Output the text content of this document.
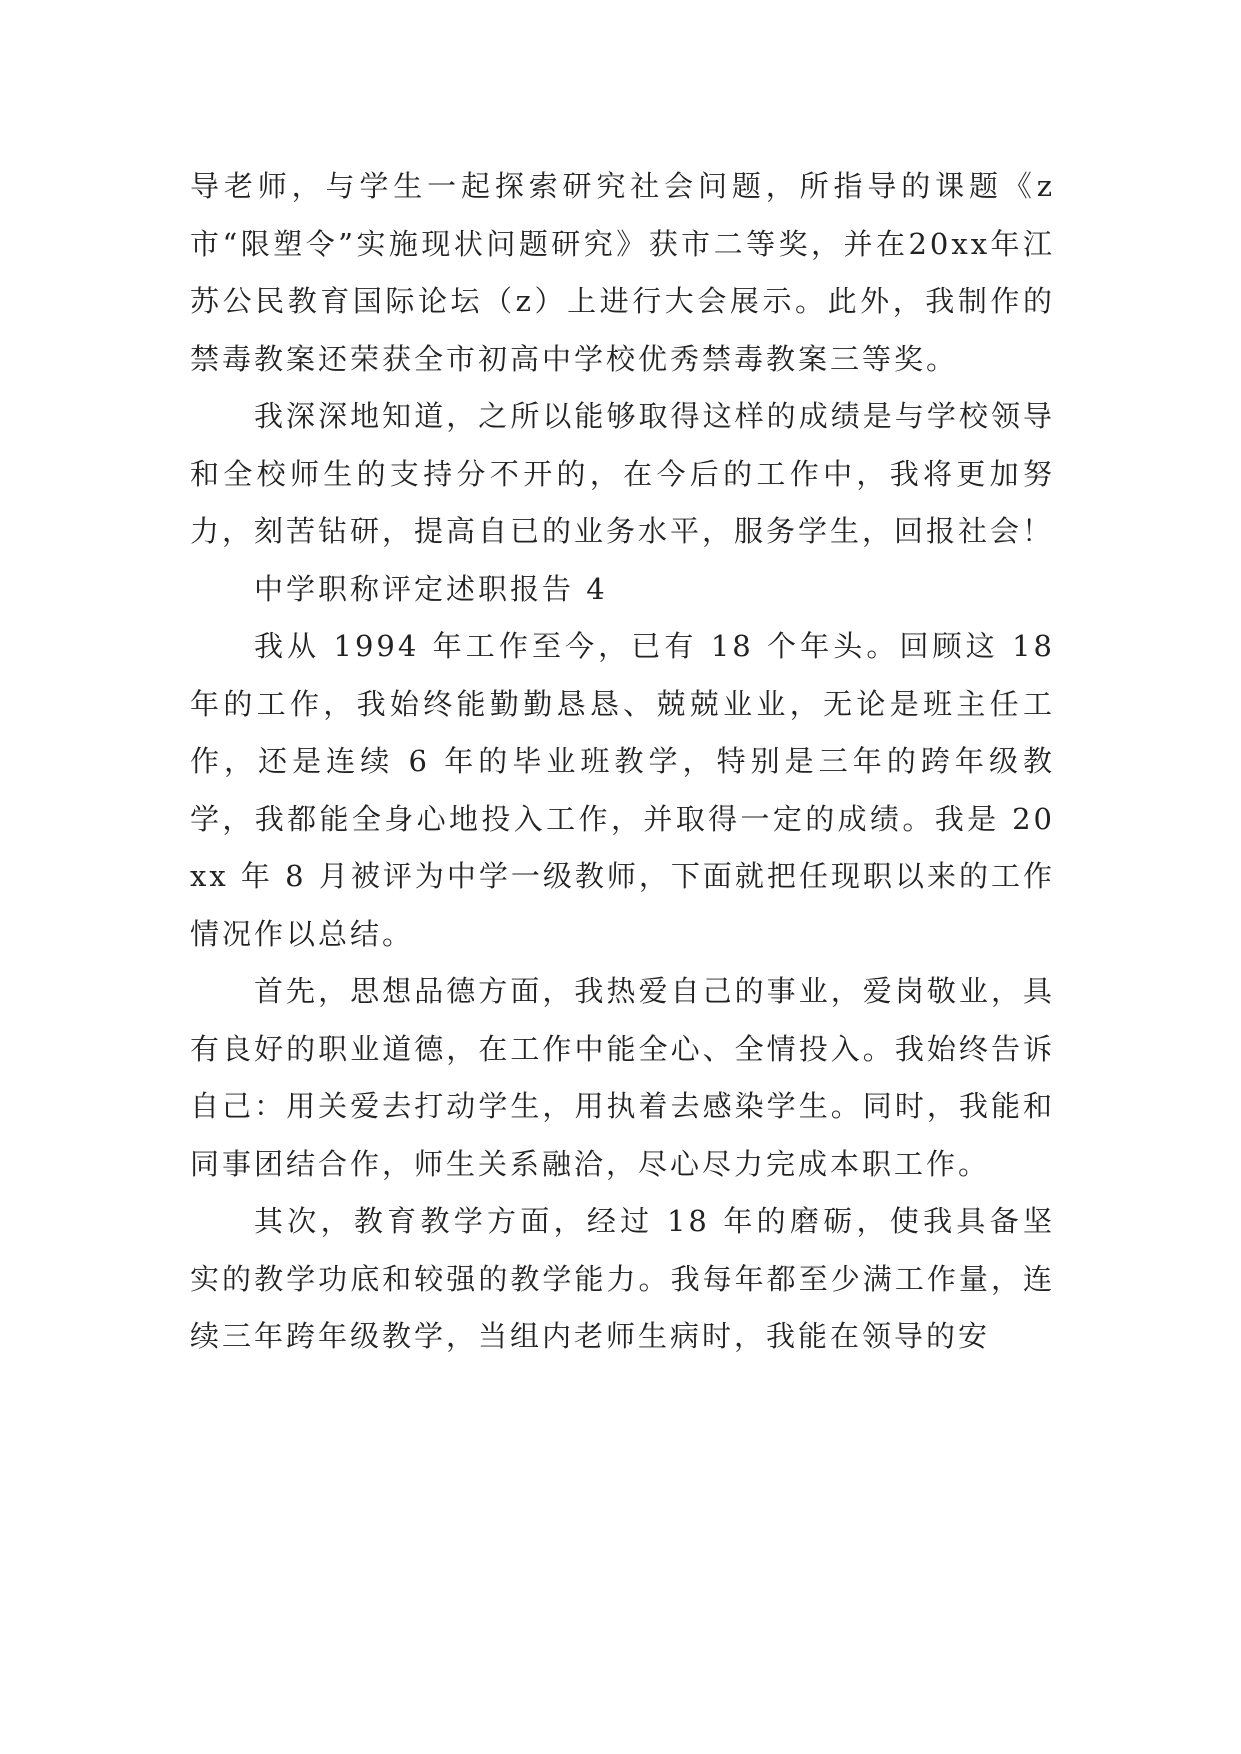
导老师，与学生一起探索研究社会问题，所指导的课题《z市“限塑令”实施现状问题研究》获市二等奖，并在20xx年江苏公民教育国际论坛（z）上进行大会展示。此外，我制作的禁毒教案还荣获全市初高中学校优秀禁毒教案三等奖。

我深深地知道，之所以能够取得这样的成绩是与学校领导和全校师生的支持分不开的，在今后的工作中，我将更加努力，刻苦钻研，提高自已的业务水平，服务学生，回报社会！

中学职称评定述职报告 4

我从 1994 年工作至今，已有 18 个年头。回顾这 18 年的工作，我始终能勤勤恳恳、兢兢业业，无论是班主任工作，还是连续 6 年的毕业班教学，特别是三年的跨年级教学，我都能全身心地投入工作，并取得一定的成绩。我是 20xx 年 8 月被评为中学一级教师，下面就把任现职以来的工作情况作以总结。

首先，思想品德方面，我热爱自己的事业，爱岗敬业，具有良好的职业道德，在工作中能全心、全情投入。我始终告诉自己：用关爱去打动学生，用执着去感染学生。同时，我能和同事团结合作，师生关系融洽，尽心尽力完成本职工作。

其次，教育教学方面，经过 18 年的磨砺，使我具备坚实的教学功底和较强的教学能力。我每年都至少满工作量，连续三年跨年级教学，当组内老师生病时，我能在领导的安
